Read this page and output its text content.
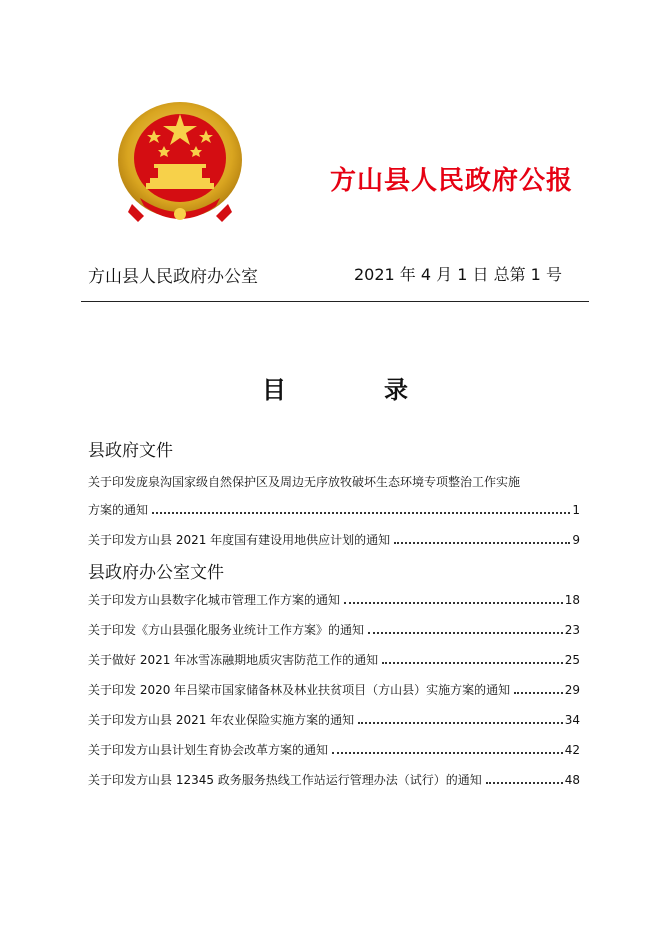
方山县人民政府公报
方山县人民政府办公室	2021 年 4 月 1 日 总第 1 号
目	录
县政府文件
关于印发庞泉沟国家级自然保护区及周边无序放牧破坏生态环境专项整治工作实施
方案的通知	1
关于印发方山县 2021 年度国有建设用地供应计划的通知	9
县政府办公室文件
关于印发方山县数字化城市管理工作方案的通知	18
关于印发《方山县强化服务业统计工作方案》的通知	23
关于做好 2021 年冰雪冻融期地质灾害防范工作的通知	25
关于印发 2020 年吕梁市国家储备林及林业扶贫项目（方山县）实施方案的通知	29
关于印发方山县 2021 年农业保险实施方案的通知	34
关于印发方山县计划生育协会改革方案的通知	42
关于印发方山县 12345 政务服务热线工作站运行管理办法（试行）的通知	48
